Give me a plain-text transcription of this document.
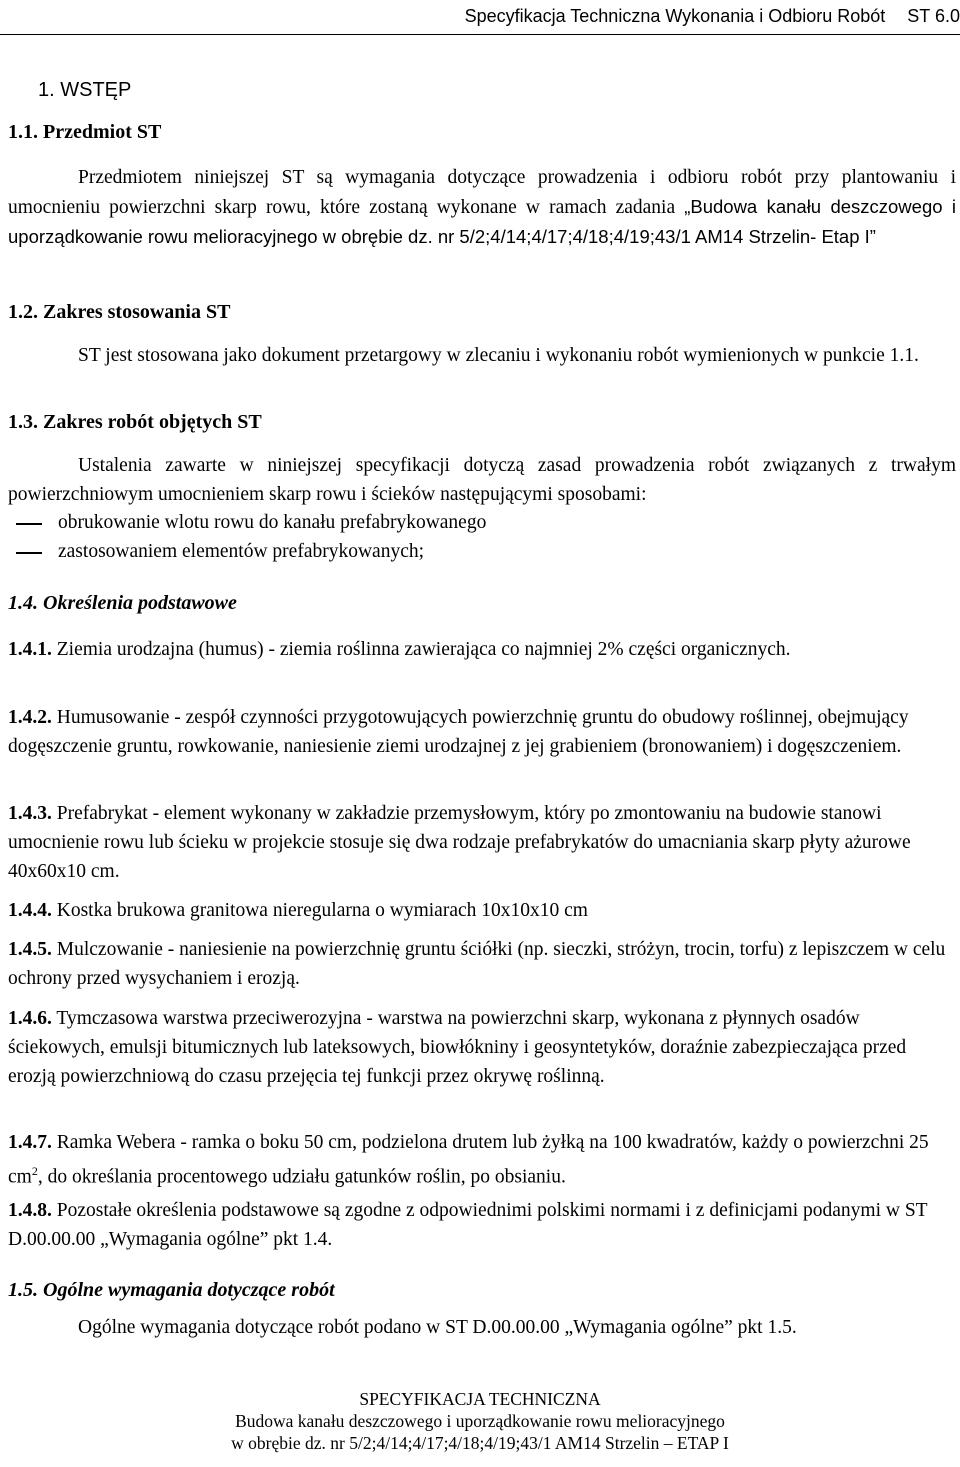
Specyfikacja Techniczna Wykonania i Odbioru Robót ST 6.0
1. WSTĘP
1.1. Przedmiot ST
Przedmiotem niniejszej ST są wymagania dotyczące prowadzenia i odbioru robót przy plantowaniu i umocnieniu powierzchni skarp rowu, które zostaną wykonane w ramach zadania „Budowa kanału deszczowego i uporządkowanie rowu melioracyjnego w obrębie dz. nr 5/2;4/14;4/17;4/18;4/19;43/1 AM14 Strzelin- Etap I”
1.2. Zakres stosowania ST
ST jest stosowana jako dokument przetargowy w zlecaniu i wykonaniu robót wymienionych w punkcie 1.1.
1.3. Zakres robót objętych ST
Ustalenia zawarte w niniejszej specyfikacji dotyczą zasad prowadzenia robót związanych z trwałym powierzchniowym umocnieniem skarp rowu i ścieków następującymi sposobami:
obrukowanie wlotu rowu do kanału prefabrykowanego
zastosowaniem elementów prefabrykowanych;
1.4. Określenia podstawowe
1.4.1. Ziemia urodzajna (humus) - ziemia roślinna zawierająca co najmniej 2% części organicznych.
1.4.2. Humusowanie - zespół czynności przygotowujących powierzchnię gruntu do obudowy roślinnej, obejmujący dogęszczenie gruntu, rowkowanie, naniesienie ziemi urodzajnej z jej grabieniem (bronowaniem) i dogęszczeniem.
1.4.3. Prefabrykat - element wykonany w zakładzie przemysłowym, który po zmontowaniu na budowie stanowi umocnienie rowu lub ścieku w projekcie stosuje się dwa rodzaje prefabrykatów do umacniania skarp płyty ażurowe 40x60x10 cm.
1.4.4. Kostka brukowa granitowa nieregularna o wymiarach 10x10x10 cm
1.4.5. Mulczowanie - naniesienie na powierzchnię gruntu ściółki (np. sieczki, stróżyn, trocin, torfu) z lepiszczem w celu ochrony przed wysychaniem i erozją.
1.4.6. Tymczasowa warstwa przeciwerozyjna - warstwa na powierzchni skarp, wykonana z płynnych osadów ściekowych, emulsji bitumicznych lub lateksowych, biowłókniny i geosyntetyków, doraźnie zabezpieczająca przed erozją powierzchniową do czasu przejęcia tej funkcji przez okrywę roślinną.
1.4.7. Ramka Webera - ramka o boku 50 cm, podzielona drutem lub żyłką na 100 kwadratów, każdy o powierzchni 25 $cm^2$, do określania procentowego udziału gatunków roślin, po obsianiu.
1.4.8. Pozostałe określenia podstawowe są zgodne z odpowiednimi polskimi normami i z definicjami podanymi w ST D.00.00.00 „Wymagania ogólne” pkt 1.4.
1.5. Ogólne wymagania dotyczące robót
Ogólne wymagania dotyczące robót podano w ST D.00.00.00 „Wymagania ogólne” pkt 1.5.
SPECYFIKACJA TECHNICZNA
Budowa kanału deszczowego i uporządkowanie rowu melioracyjnego
w obrębie dz. nr 5/2;4/14;4/17;4/18;4/19;43/1 AM14 Strzelin – ETAP I
